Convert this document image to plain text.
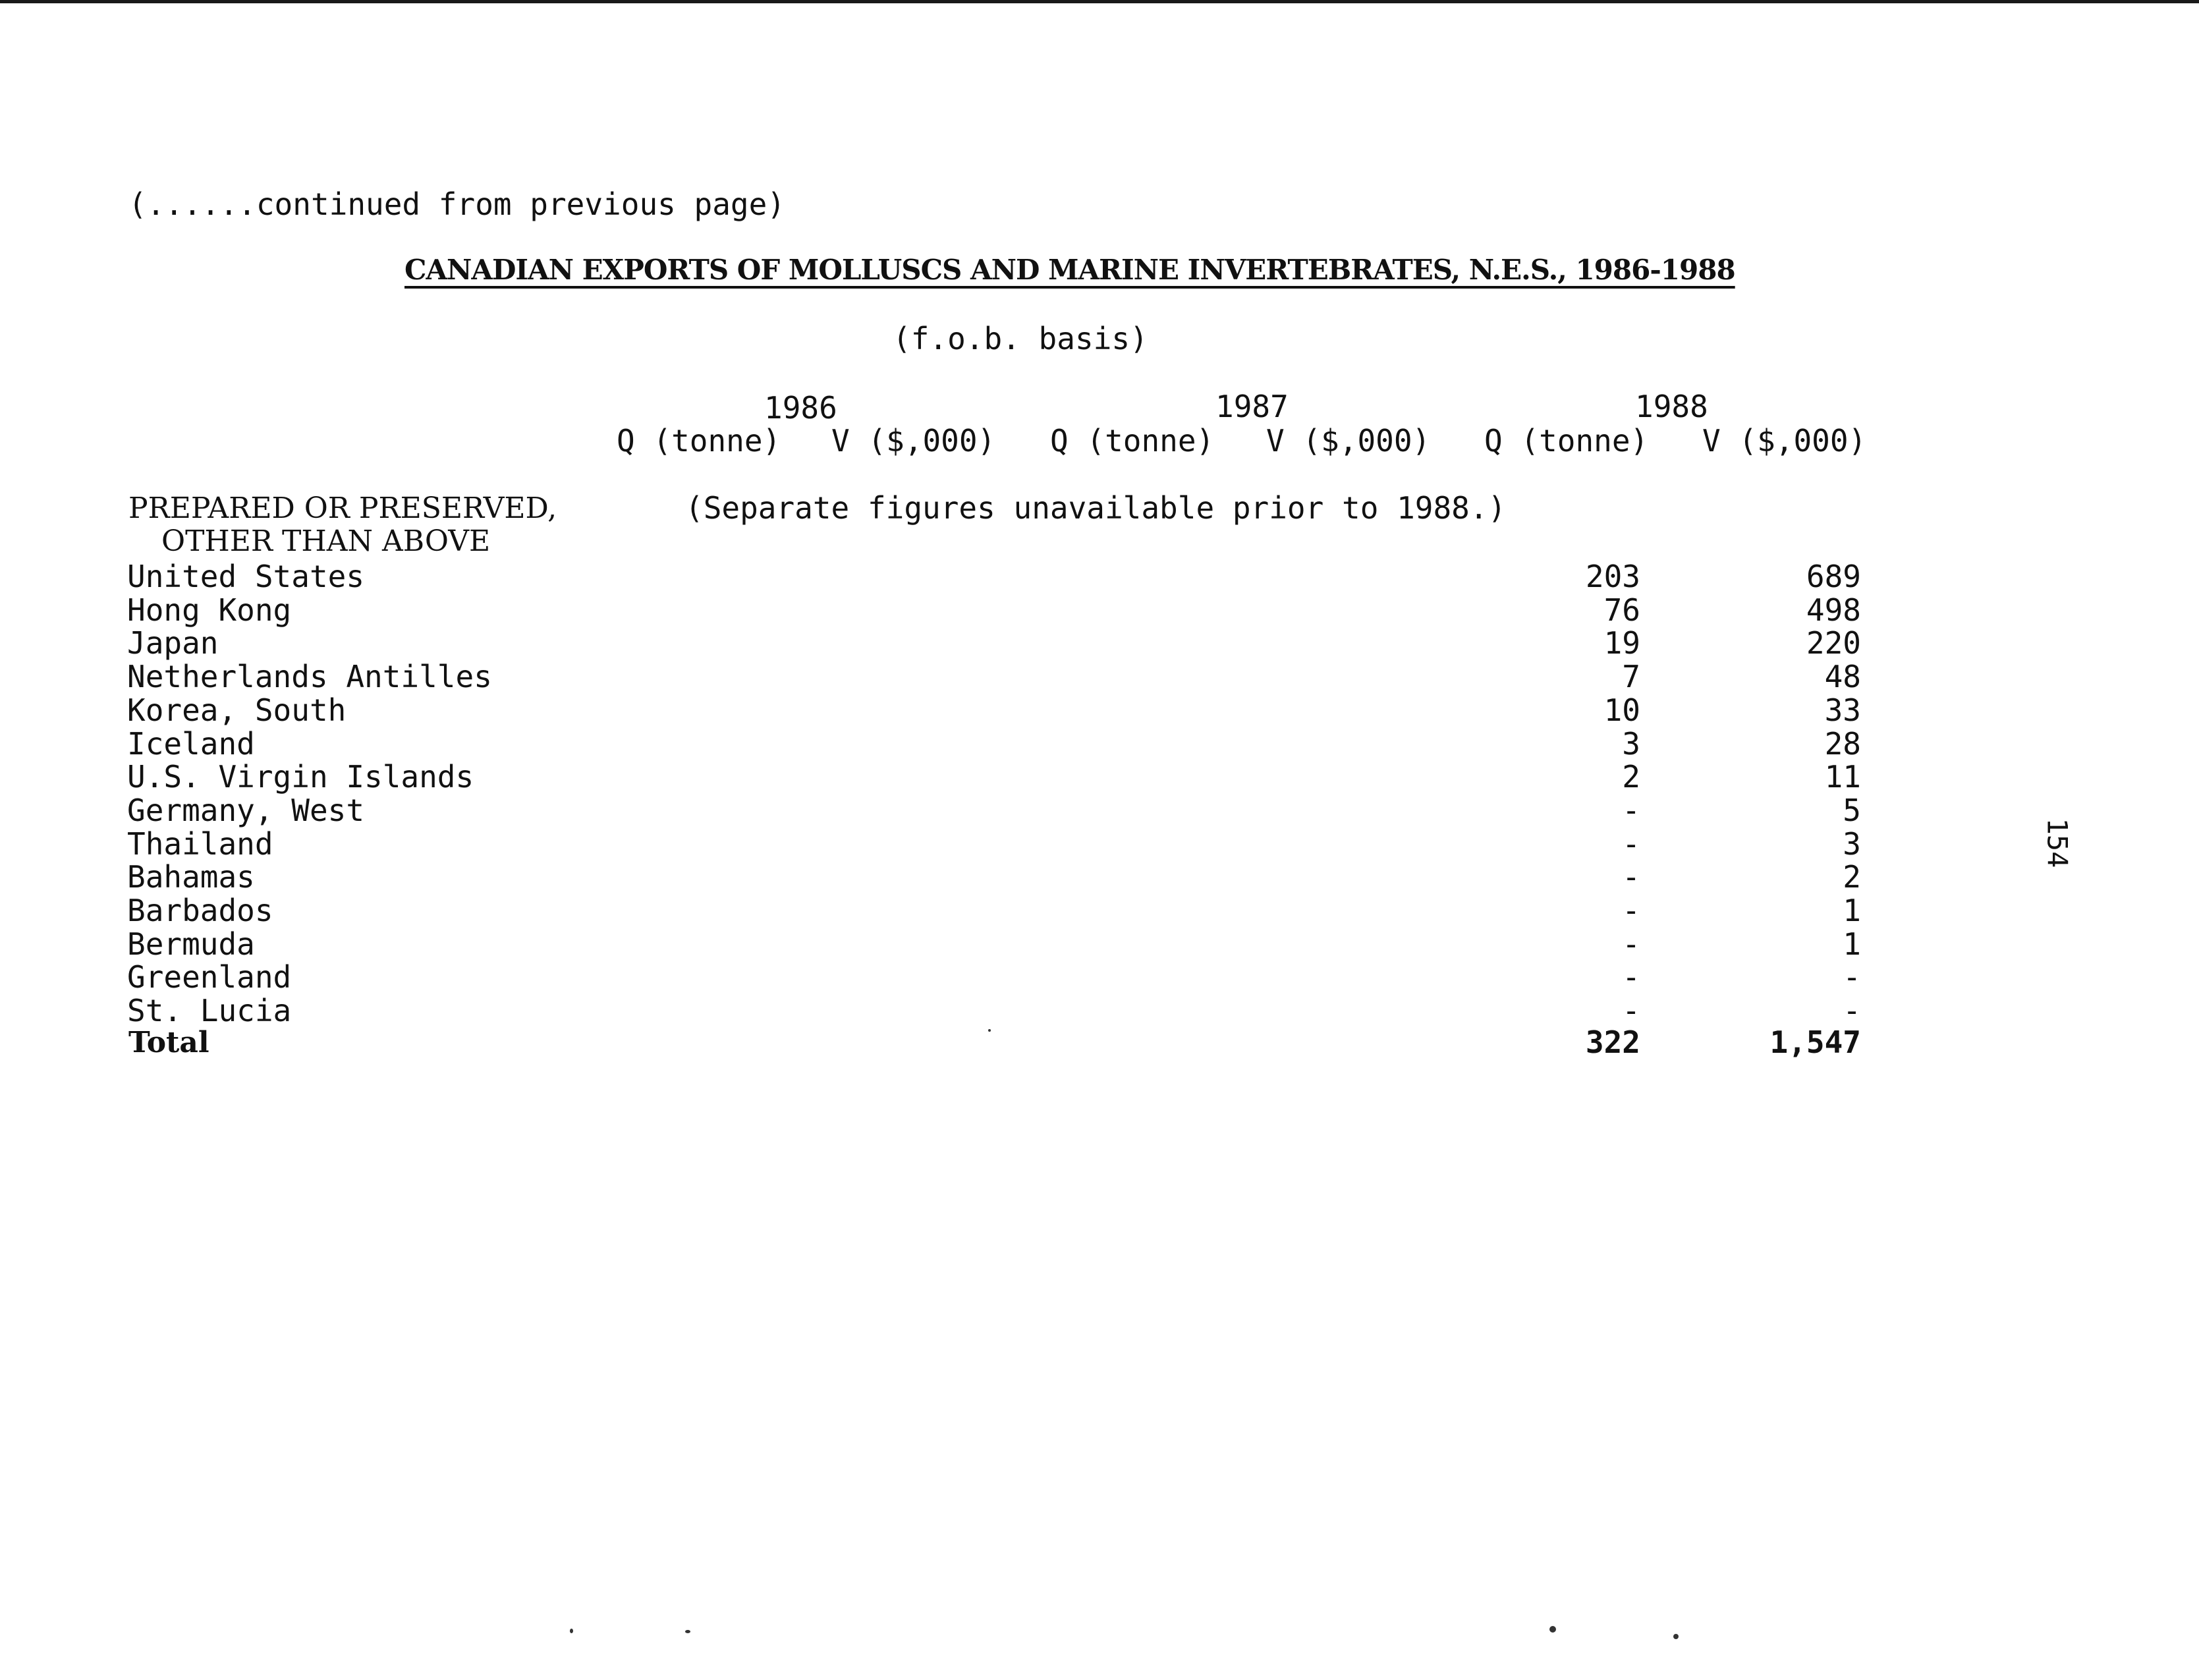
(......continued from previous page)
CANADIAN EXPORTS OF MOLLUSCS AND MARINE INVERTEBRATES, N.E.S., 1986-1988
(f.o.b. basis)
1986	1987	1988
Q (tonne) V ($,000) Q (tonne) V ($,000) Q (tonne) V ($,000)
PREPARED OR PRESERVED,
OTHER THAN ABOVE
(Separate figures unavailable prior to 1988.)
United States	203	689
Hong Kong	76	498
Japan	19	220
Netherlands Antilles	7	48
Korea, South	10	33
Iceland	3	28
U.S. Virgin Islands	2	11
Germany, West	-	5
Thailand	-	3
Bahamas	-	2
Barbados	-	1
Bermuda	-	1
Greenland	-	-
St. Lucia	-	-
Total	322	1,547
154
